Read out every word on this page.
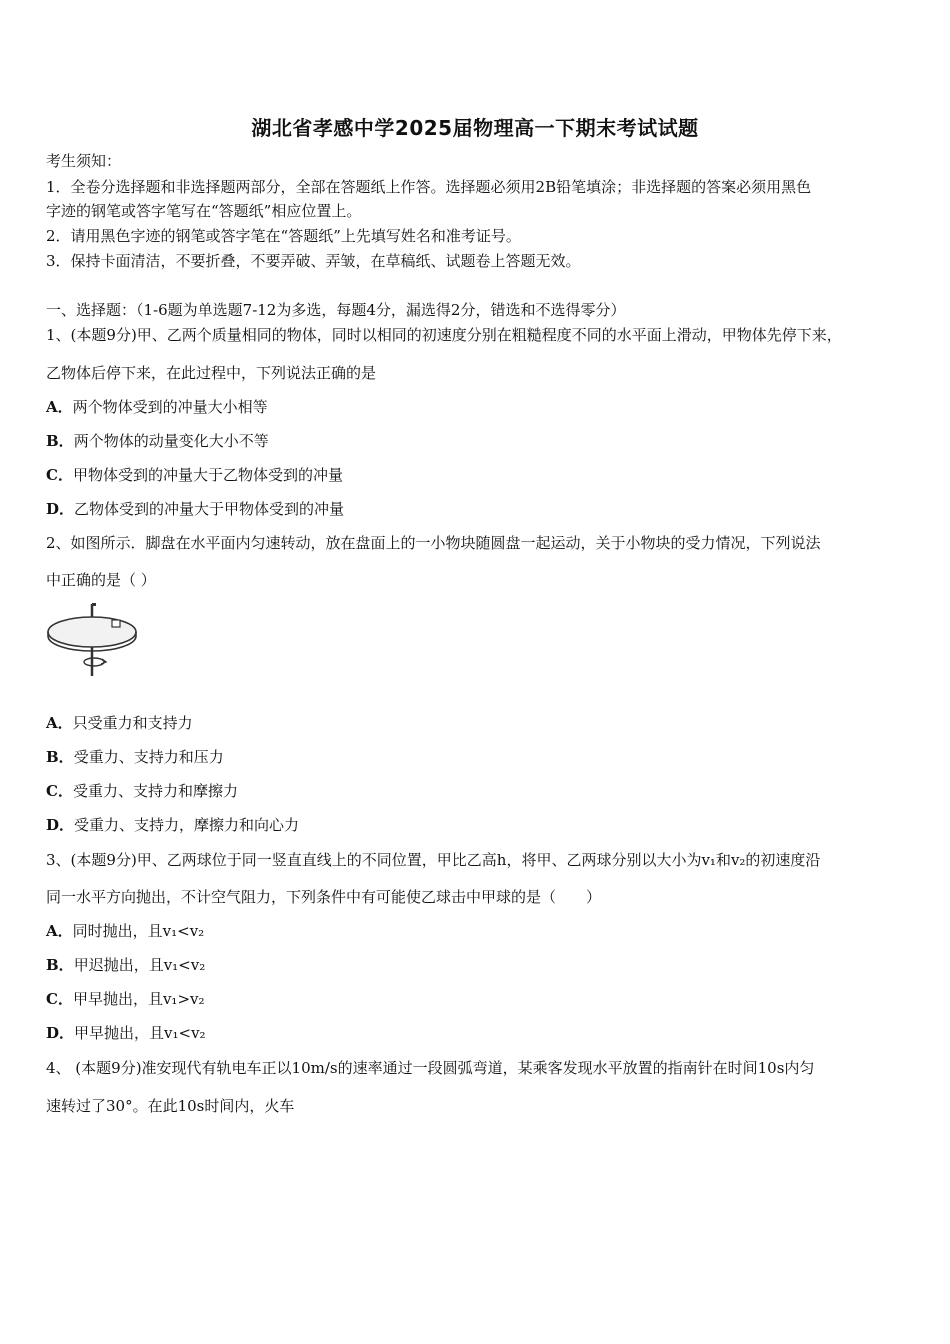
湖北省孝感中学2025届物理高一下期末考试试题
考生须知：
1．全卷分选择题和非选择题两部分，全部在答题纸上作答。选择题必须用2B铅笔填涂；非选择题的答案必须用黑色
字迹的钢笔或答字笔写在“答题纸”相应位置上。
2．请用黑色字迹的钢笔或答字笔在“答题纸”上先填写姓名和准考证号。
3．保持卡面清洁，不要折叠，不要弄破、弄皱，在草稿纸、试题卷上答题无效。
一、选择题：（1-6题为单选题7-12为多选，每题4分，漏选得2分，错选和不选得零分）
1、(本题9分)甲、乙两个质量相同的物体，同时以相同的初速度分别在粗糙程度不同的水平面上滑动，甲物体先停下来，
乙物体后停下来，在此过程中，下列说法正确的是
A．两个物体受到的冲量大小相等
B．两个物体的动量变化大小不等
C．甲物体受到的冲量大于乙物体受到的冲量
D．乙物体受到的冲量大于甲物体受到的冲量
2、如图所示．脚盘在水平面内匀速转动，放在盘面上的一小物块随圆盘一起运动，关于小物块的受力情况，下列说法
中正确的是（ ）
A．只受重力和支持力
B．受重力、支持力和压力
C．受重力、支持力和摩擦力
D．受重力、支持力，摩擦力和向心力
3、(本题9分)甲、乙两球位于同一竖直直线上的不同位置，甲比乙高h，将甲、乙两球分别以大小为v₁和v₂的初速度沿
同一水平方向抛出，不计空气阻力，下列条件中有可能使乙球击中甲球的是（　　）
A．同时抛出，且v₁<v₂
B．甲迟抛出，且v₁<v₂
C．甲早抛出，且v₁>v₂
D．甲早抛出，且v₁<v₂
4、 (本题9分)准安现代有轨电车正以10m/s的速率通过一段圆弧弯道，某乘客发现水平放置的指南针在时间10s内匀
速转过了30°。在此10s时间内，火车
